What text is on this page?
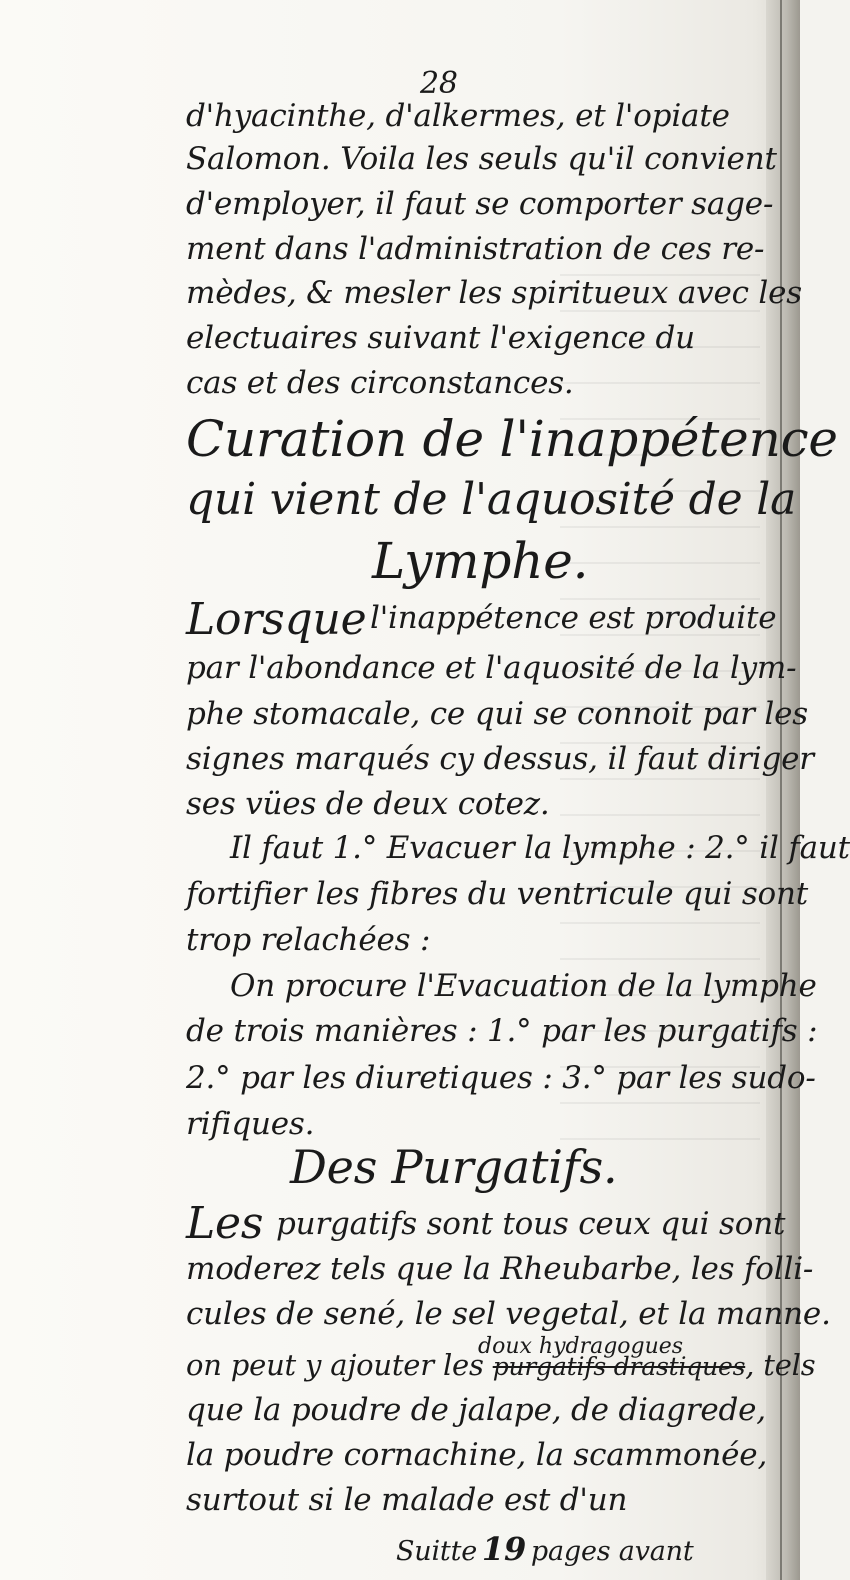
28
d'hyacinthe, d'alkermes, et l'opiate
Salomon. Voila les seuls qu'il convient
d'employer, il faut se comporter sage-
ment dans l'administration de ces re-
mèdes, & mesler les spiritueux avec les
electuaires suivant l'exigence du
cas et des circonstances.
Curation de l'inappétence
qui vient de l'aquosité de la
Lymphe.
Lorsque l'inappétence est produite
par l'abondance et l'aquosité de la lym-
phe stomacale, ce qui se connoit par les
signes marqués cy dessus, il faut diriger
ses vües de deux cotez.
Il faut 1.° Evacuer la lymphe : 2.° il faut
fortifier les fibres du ventricule qui sont
trop relachées :
On procure l'Evacuation de la lymphe
de trois manières : 1.° par les purgatifs :
2.° par les diuretiques : 3.° par les sudo-
rifiques.
Des Purgatifs.
Les purgatifs sont tous ceux qui sont
moderez tels que la Rheubarbe, les folli-
cules de sené, le sel vegetal, et la manne.
doux hydragogues
on peut y ajouter les purgatifs drastiques, tels
que la poudre de jalape, de diagrede,
la poudre cornachine, la scammonée,
surtout si le malade est d'un
Suitte 19 pages avant
